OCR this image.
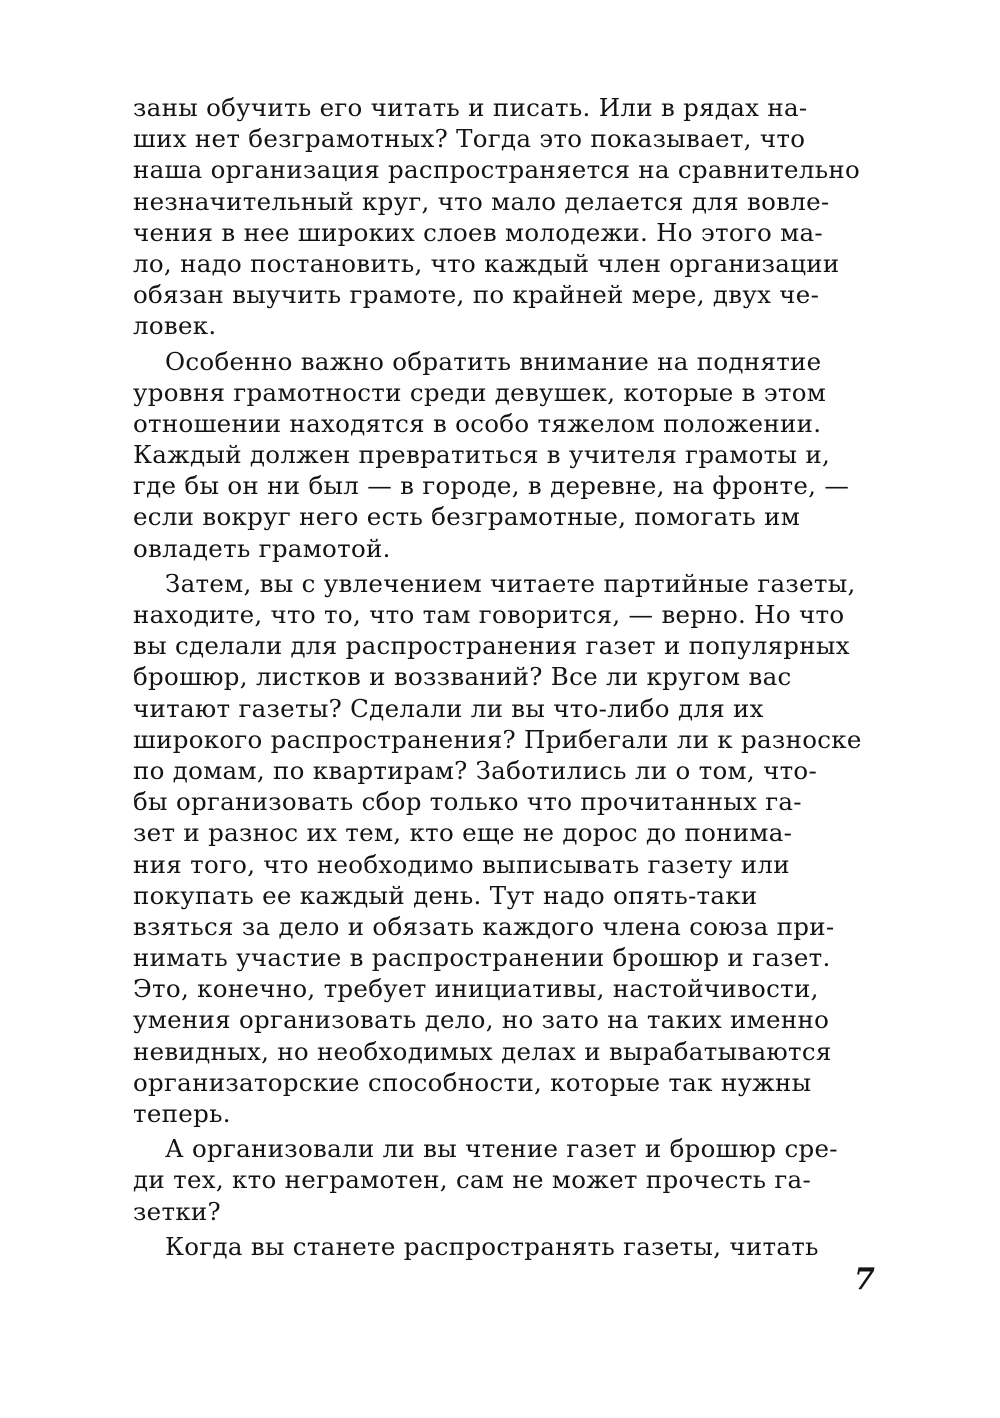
заны обучить его читать и писать. Или в рядах на-
ших нет безграмотных? Тогда это показывает, что
наша организация распространяется на сравнительно
незначительный круг, что мало делается для вовле-
чения в нее широких слоев молодежи. Но этого ма-
ло, надо постановить, что каждый член организации
обязан выучить грамоте, по крайней мере, двух че-
ловек.
Особенно важно обратить внимание на поднятие
уровня грамотности среди девушек, которые в этом
отношении находятся в особо тяжелом положении.
Каждый должен превратиться в учителя грамоты и,
где бы он ни был — в городе, в деревне, на фронте, —
если вокруг него есть безграмотные, помогать им
овладеть грамотой.
Затем, вы с увлечением читаете партийные газеты,
находите, что то, что там говорится, — верно. Но что
вы сделали для распространения газет и популярных
брошюр, листков и воззваний? Все ли кругом вас
читают газеты? Сделали ли вы что-либо для их
широкого распространения? Прибегали ли к разноске
по домам, по квартирам? Заботились ли о том, что-
бы организовать сбор только что прочитанных га-
зет и разнос их тем, кто еще не дорос до понима-
ния того, что необходимо выписывать газету или
покупать ее каждый день. Тут надо опять-таки
взяться за дело и обязать каждого члена союза при-
нимать участие в распространении брошюр и газет.
Это, конечно, требует инициативы, настойчивости,
умения организовать дело, но зато на таких именно
невидных, но необходимых делах и вырабатываются
организаторские способности, которые так нужны
теперь.
А организовали ли вы чтение газет и брошюр сре-
ди тех, кто неграмотен, сам не может прочесть га-
зетки?
Когда вы станете распространять газеты, читать
7
